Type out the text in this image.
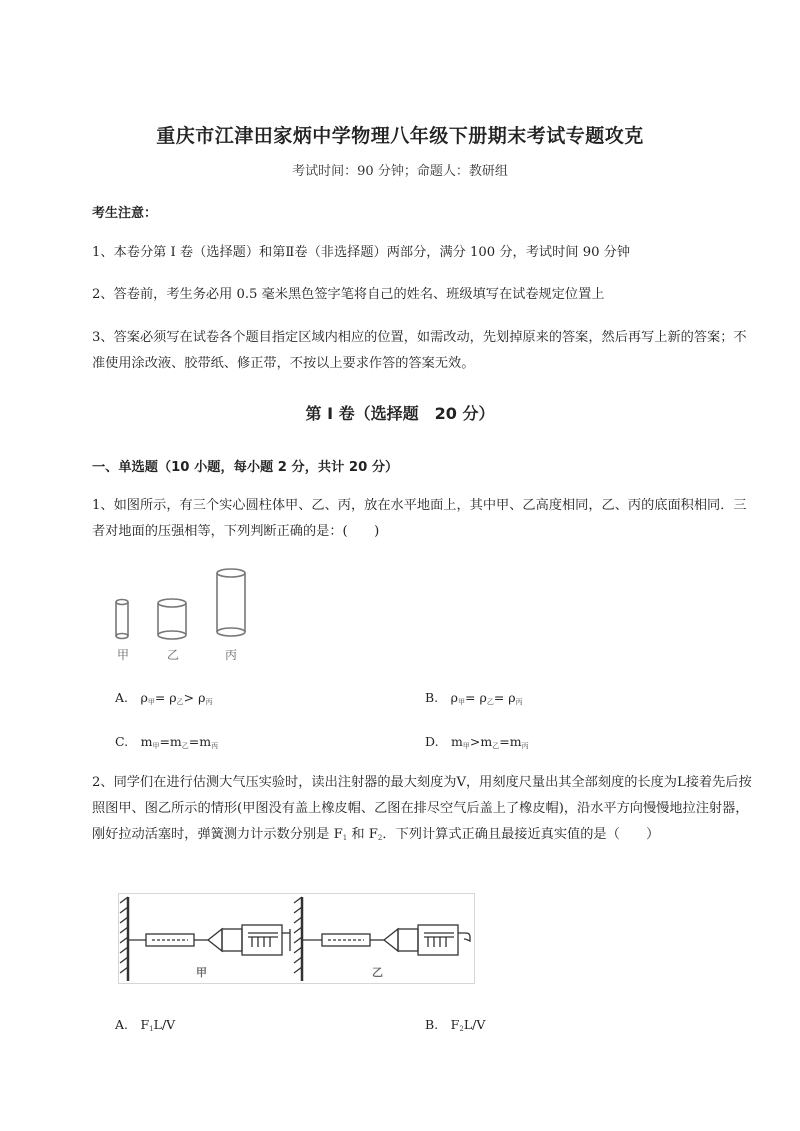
重庆市江津田家炳中学物理八年级下册期末考试专题攻克
考试时间：90 分钟；命题人：教研组
考生注意：
1、本卷分第 I 卷（选择题）和第Ⅱ卷（非选择题）两部分，满分 100 分，考试时间 90 分钟
2、答卷前，考生务必用 0.5 毫米黑色签字笔将自己的姓名、班级填写在试卷规定位置上
3、答案必须写在试卷各个题目指定区域内相应的位置，如需改动，先划掉原来的答案，然后再写上新的答案；不准使用涂改液、胶带纸、修正带，不按以上要求作答的答案无效。
第 I 卷（选择题　20 分）
一、单选题（10 小题，每小题 2 分，共计 20 分）
1、如图所示，有三个实心圆柱体甲、乙、丙，放在水平地面上，其中甲、乙高度相同，乙、丙的底面积相同．三者对地面的压强相等，下列判断正确的是：(　　)
甲	乙	丙
A.　$\rho_甲= \rho_乙> \rho_丙$	B.　$\rho_甲= \rho_乙= \rho_丙$
C.　$m_甲=m_乙=m_丙$	D.　$m_甲>m_乙=m_丙$
2、同学们在进行估测大气压实验时，读出注射器的最大刻度为V，用刻度尺量出其全部刻度的长度为L接着先后按照图甲、图乙所示的情形(甲图没有盖上橡皮帽、乙图在排尽空气后盖上了橡皮帽)，沿水平方向慢慢地拉注射器，刚好拉动活塞时，弹簧测力计示数分别是 $F_1$ 和 $F_2$．下列计算式正确且最接近真实值的是（　　）
甲	乙
A.　$F_1L/V$	B.　$F_2L/V$
